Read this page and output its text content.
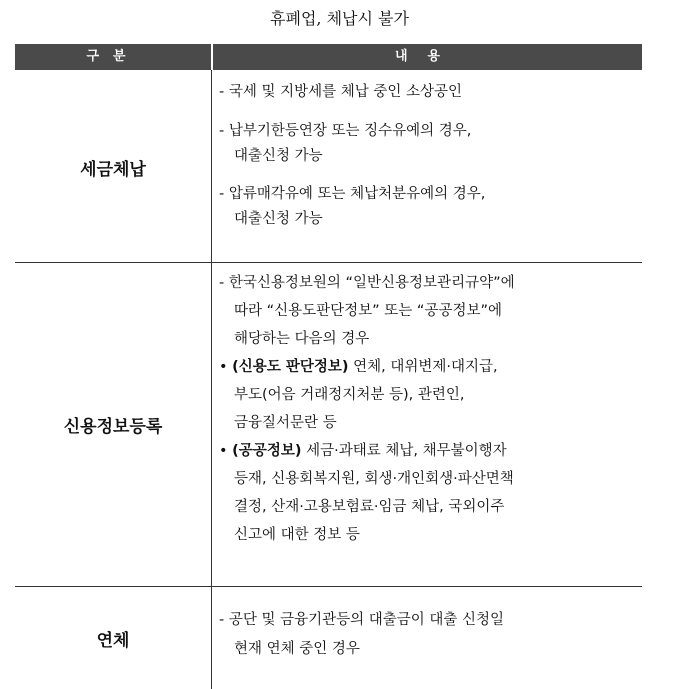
휴폐업, 체납시 불가
구분	내용
세금체납
- 국세 및 지방세를 체납 중인 소상공인
- 납부기한등연장 또는 징수유예의 경우,
대출신청 가능
- 압류매각유예 또는 체납처분유예의 경우,
대출신청 가능
신용정보등록
- 한국신용정보원의 “일반신용정보관리규약”에
따라 “신용도판단정보” 또는 “공공정보”에
해당하는 다음의 경우
• (신용도 판단정보) 연체, 대위변제·대지급,
부도(어음 거래정지처분 등), 관련인,
금융질서문란 등
• (공공정보) 세금·과태료 체납, 채무불이행자
등재, 신용회복지원, 회생·개인회생·파산면책
결정, 산재·고용보험료·임금 체납, 국외이주
신고에 대한 정보 등
연체
- 공단 및 금융기관등의 대출금이 대출 신청일
현재 연체 중인 경우
